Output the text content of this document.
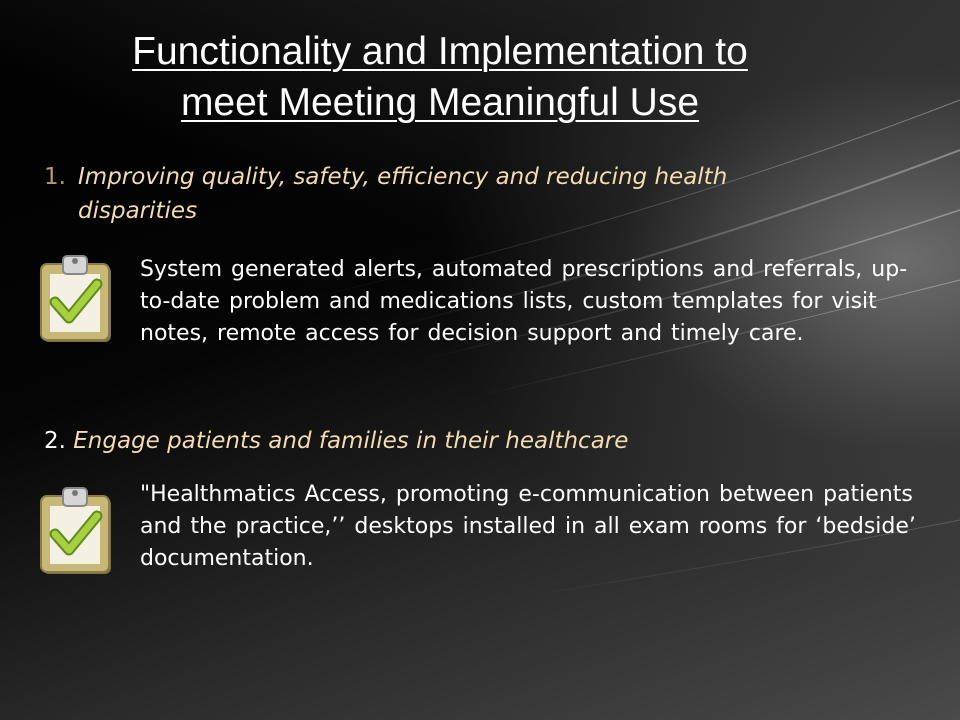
Functionality and Implementation to
meet Meeting Meaningful Use
1. Improving quality, safety, efficiency and reducing health
disparities
System generated alerts, automated prescriptions and referrals, up-to-date problem and medications lists, custom templates for visit notes, remote access for decision support and timely care.
2. Engage patients and families in their healthcare
"Healthmatics Access, promoting e-communication between patients and the practice,’’ desktops installed in all exam rooms for ‘bedside’ documentation.
